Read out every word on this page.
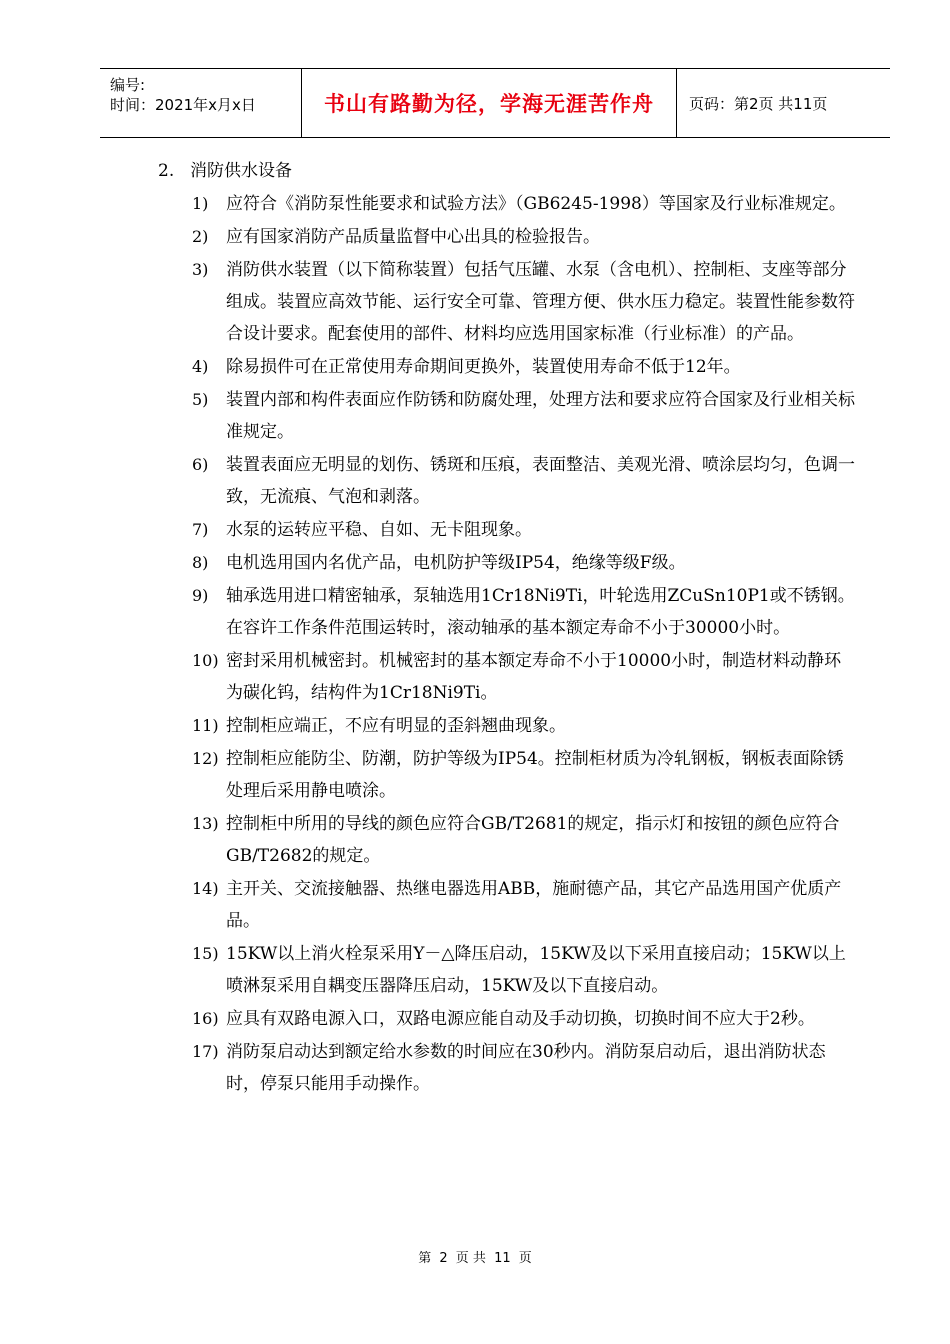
编号:
时间：2021年x月x日	书山有路勤为径，学海无涯苦作舟	页码：第2页 共11页
2. 消防供水设备
1)	应符合《消防泵性能要求和试验方法》（GB6245-1998）等国家及行业标准规定。
2)	应有国家消防产品质量监督中心出具的检验报告。
3)	消防供水装置（以下简称装置）包括气压罐、水泵（含电机）、控制柜、支座等部分组成。装置应高效节能、运行安全可靠、管理方便、供水压力稳定。装置性能参数符合设计要求。配套使用的部件、材料均应选用国家标准（行业标准）的产品。
4)	除易损件可在正常使用寿命期间更换外，装置使用寿命不低于12年。
5)	装置内部和构件表面应作防锈和防腐处理，处理方法和要求应符合国家及行业相关标准规定。
6)	装置表面应无明显的划伤、锈斑和压痕，表面整洁、美观光滑、喷涂层均匀，色调一致，无流痕、气泡和剥落。
7)	水泵的运转应平稳、自如、无卡阻现象。
8)	电机选用国内名优产品，电机防护等级IP54，绝缘等级F级。
9)	轴承选用进口精密轴承，泵轴选用1Cr18Ni9Ti，叶轮选用ZCuSn10P1或不锈钢。在容许工作条件范围运转时，滚动轴承的基本额定寿命不小于30000小时。
10) 密封采用机械密封。机械密封的基本额定寿命不小于10000小时，制造材料动静环为碳化钨，结构件为1Cr18Ni9Ti。
11) 控制柜应端正，不应有明显的歪斜翘曲现象。
12) 控制柜应能防尘、防潮，防护等级为IP54。控制柜材质为冷轧钢板，钢板表面除锈处理后采用静电喷涂。
13) 控制柜中所用的导线的颜色应符合GB/T2681的规定，指示灯和按钮的颜色应符合GB/T2682的规定。
14) 主开关、交流接触器、热继电器选用ABB，施耐德产品，其它产品选用国产优质产品。
15) 15KW以上消火栓泵采用Y－△降压启动，15KW及以下采用直接启动；15KW以上喷淋泵采用自耦变压器降压启动，15KW及以下直接启动。
16) 应具有双路电源入口，双路电源应能自动及手动切换，切换时间不应大于2秒。
17) 消防泵启动达到额定给水参数的时间应在30秒内。消防泵启动后，退出消防状态时，停泵只能用手动操作。
第 2 页 共 11 页
